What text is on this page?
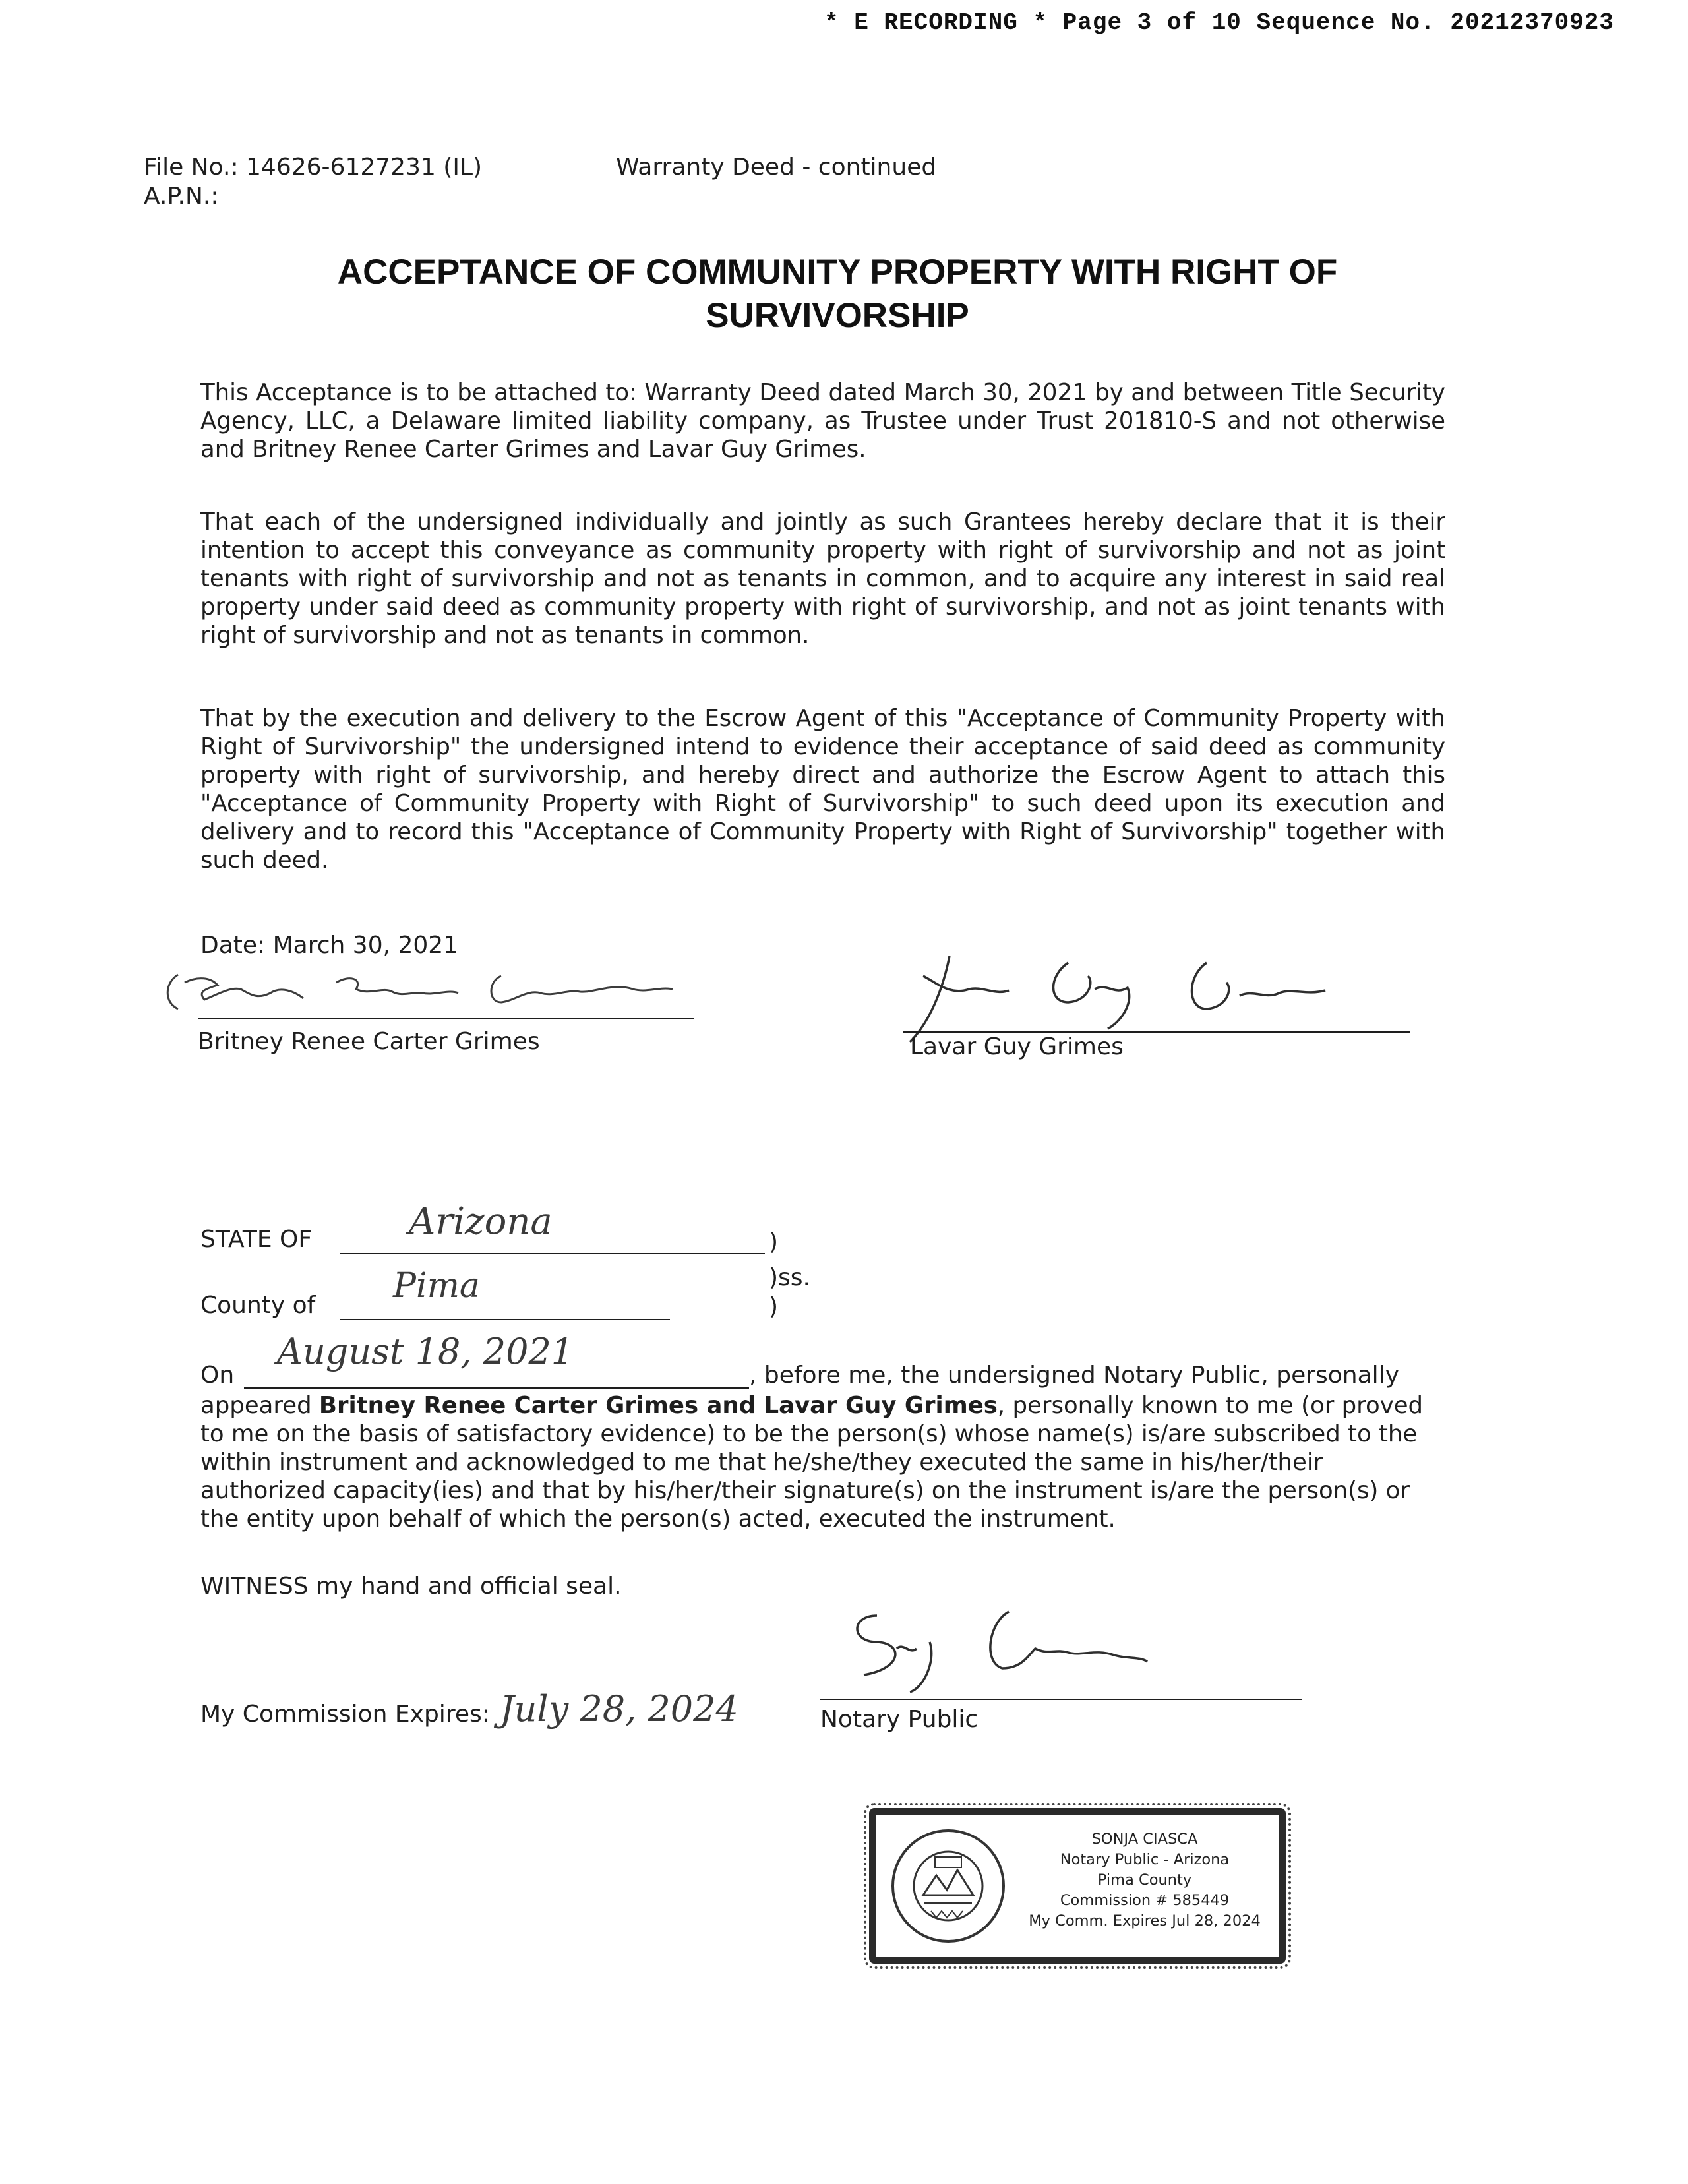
* E RECORDING * Page 3 of 10 Sequence No. 20212370923
File No.: 14626-6127231 (IL)
A.P.N.:
Warranty Deed - continued
ACCEPTANCE OF COMMUNITY PROPERTY WITH RIGHT OF
SURVIVORSHIP
This Acceptance is to be attached to: Warranty Deed dated March 30, 2021 by and between Title Security Agency, LLC, a Delaware limited liability company, as Trustee under Trust 201810-S and not otherwise and Britney Renee Carter Grimes and Lavar Guy Grimes.
That each of the undersigned individually and jointly as such Grantees hereby declare that it is their intention to accept this conveyance as community property with right of survivorship and not as joint tenants with right of survivorship and not as tenants in common, and to acquire any interest in said real property under said deed as community property with right of survivorship, and not as joint tenants with right of survivorship and not as tenants in common.
That by the execution and delivery to the Escrow Agent of this "Acceptance of Community Property with Right of Survivorship" the undersigned intend to evidence their acceptance of said deed as community property with right of survivorship, and hereby direct and authorize the Escrow Agent to attach this "Acceptance of Community Property with Right of Survivorship" to such deed upon its execution and delivery and to record this "Acceptance of Community Property with Right of Survivorship" together with such deed.
Date: March 30, 2021
Britney Renee Carter Grimes	Lavar Guy Grimes
STATE OF	Arizona	)
)ss.
County of Pima
)
On
August 18, 2021
, before me, the undersigned Notary Public, personally
appeared Britney Renee Carter Grimes and Lavar Guy Grimes, personally known to me (or proved to me on the basis of satisfactory evidence) to be the person(s) whose name(s) is/are subscribed to the within instrument and acknowledged to me that he/she/they executed the same in his/her/their authorized capacity(ies) and that by his/her/their signature(s) on the instrument is/are the person(s) or the entity upon behalf of which the person(s) acted, executed the instrument.
WITNESS my hand and official seal.
Notary Public
My Commission Expires: July 28, 2024
SONJA CIASCA
Notary Public - Arizona
Pima County
Commission # 585449
My Comm. Expires Jul 28, 2024
